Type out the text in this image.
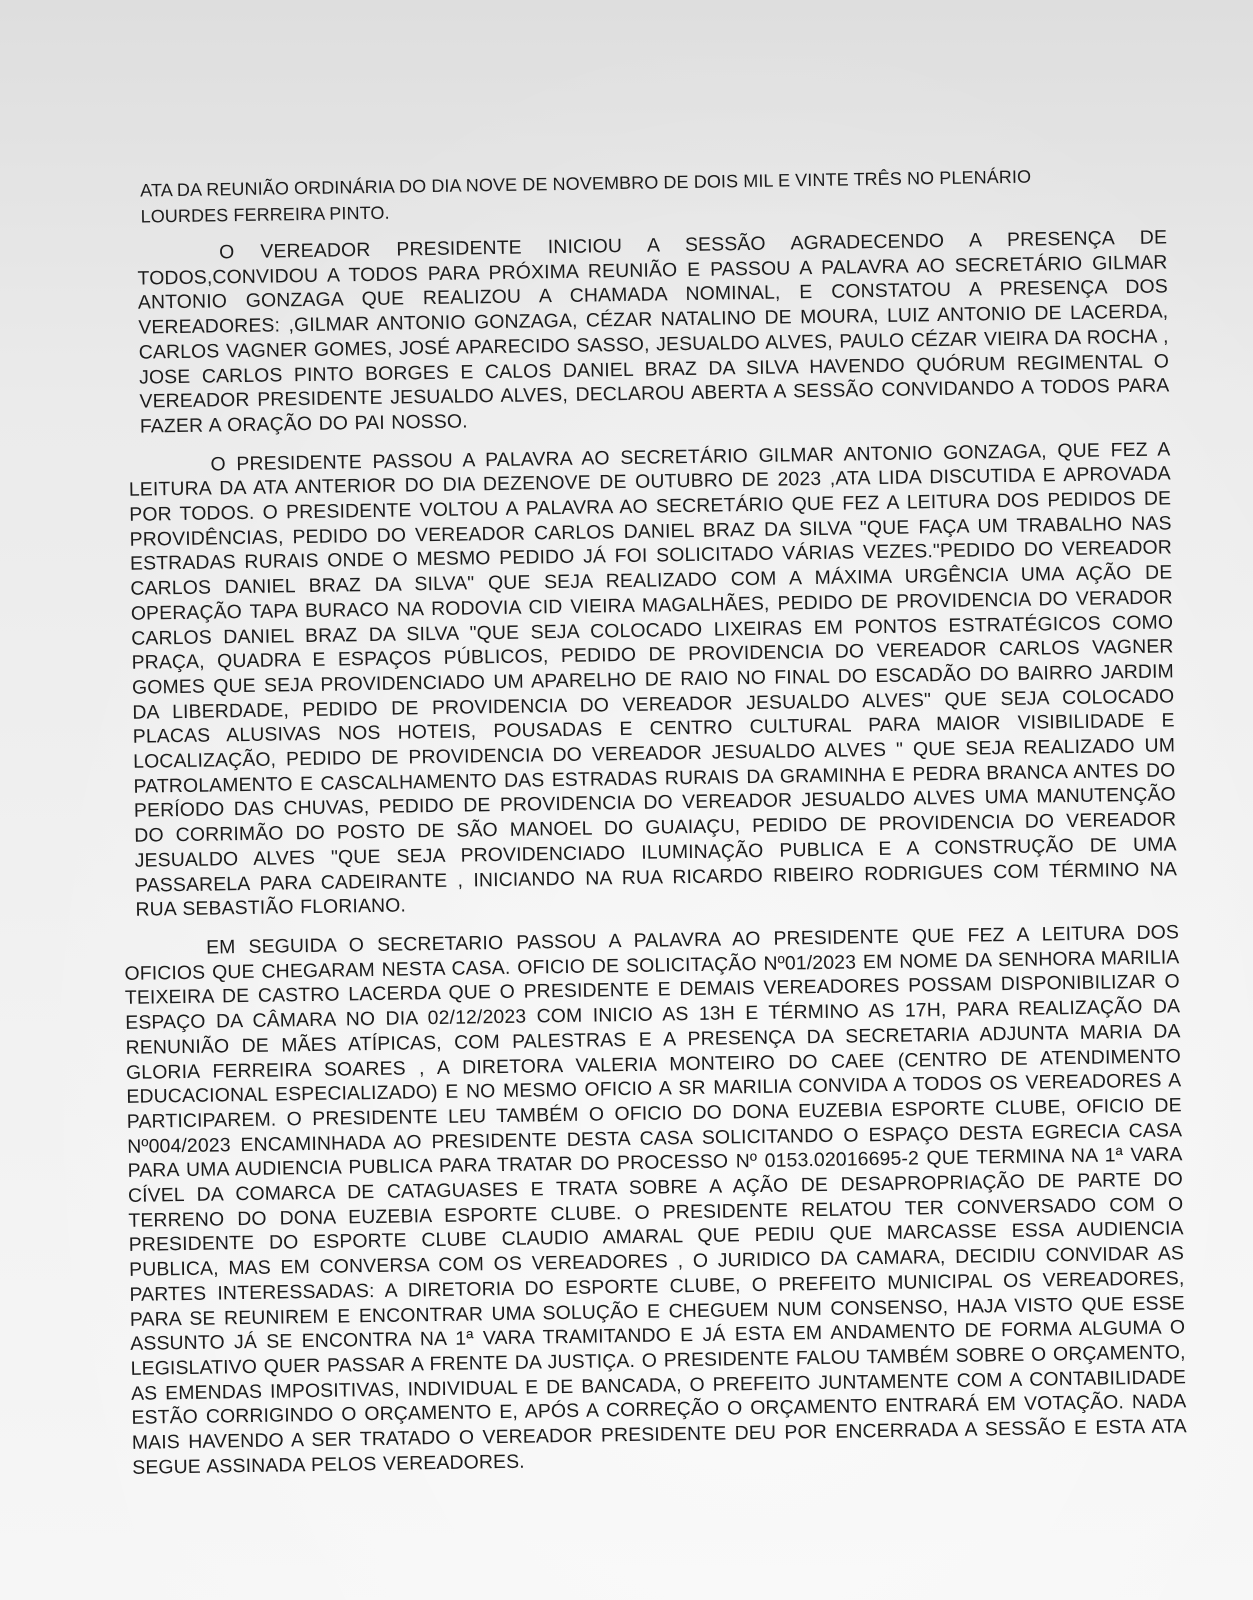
ATA DA REUNIÃO ORDINÁRIA DO DIA NOVE DE NOVEMBRO DE DOIS MIL E VINTE TRÊS NO PLENÁRIO LOURDES FERREIRA PINTO.

O VEREADOR PRESIDENTE INICIOU A SESSÃO AGRADECENDO A PRESENÇA DE TODOS,CONVIDOU A TODOS PARA PRÓXIMA REUNIÃO E PASSOU A PALAVRA AO SECRETÁRIO GILMAR ANTONIO GONZAGA QUE REALIZOU A CHAMADA NOMINAL, E CONSTATOU A PRESENÇA DOS VEREADORES: ,GILMAR ANTONIO GONZAGA, CÉZAR NATALINO DE MOURA, LUIZ ANTONIO DE LACERDA, CARLOS VAGNER GOMES, JOSÉ APARECIDO SASSO, JESUALDO ALVES, PAULO CÉZAR VIEIRA DA ROCHA , JOSE CARLOS PINTO BORGES E CALOS DANIEL BRAZ DA SILVA HAVENDO QUÓRUM REGIMENTAL O VEREADOR PRESIDENTE JESUALDO ALVES, DECLAROU ABERTA A SESSÃO CONVIDANDO A TODOS PARA FAZER A ORAÇÃO DO PAI NOSSO.

O PRESIDENTE PASSOU A PALAVRA AO SECRETÁRIO GILMAR ANTONIO GONZAGA, QUE FEZ A LEITURA DA ATA ANTERIOR DO DIA DEZENOVE DE OUTUBRO DE 2023 ,ATA LIDA DISCUTIDA E APROVADA POR TODOS. O PRESIDENTE VOLTOU A PALAVRA AO SECRETÁRIO QUE FEZ A LEITURA DOS PEDIDOS DE PROVIDÊNCIAS, PEDIDO DO VEREADOR CARLOS DANIEL BRAZ DA SILVA "QUE FAÇA UM TRABALHO NAS ESTRADAS RURAIS ONDE O MESMO PEDIDO JÁ FOI SOLICITADO VÁRIAS VEZES."PEDIDO DO VEREADOR CARLOS DANIEL BRAZ DA SILVA" QUE SEJA REALIZADO COM A MÁXIMA URGÊNCIA UMA AÇÃO DE OPERAÇÃO TAPA BURACO NA RODOVIA CID VIEIRA MAGALHÃES, PEDIDO DE PROVIDENCIA DO VERADOR CARLOS DANIEL BRAZ DA SILVA "QUE SEJA COLOCADO LIXEIRAS EM PONTOS ESTRATÉGICOS COMO PRAÇA, QUADRA E ESPAÇOS PÚBLICOS, PEDIDO DE PROVIDENCIA DO VEREADOR CARLOS VAGNER GOMES QUE SEJA PROVIDENCIADO UM APARELHO DE RAIO NO FINAL DO ESCADÃO DO BAIRRO JARDIM DA LIBERDADE, PEDIDO DE PROVIDENCIA DO VEREADOR JESUALDO ALVES" QUE SEJA COLOCADO PLACAS ALUSIVAS NOS HOTEIS, POUSADAS E CENTRO CULTURAL PARA MAIOR VISIBILIDADE E LOCALIZAÇÃO, PEDIDO DE PROVIDENCIA DO VEREADOR JESUALDO ALVES " QUE SEJA REALIZADO UM PATROLAMENTO E CASCALHAMENTO DAS ESTRADAS RURAIS DA GRAMINHA E PEDRA BRANCA ANTES DO PERÍODO DAS CHUVAS, PEDIDO DE PROVIDENCIA DO VEREADOR JESUALDO ALVES UMA MANUTENÇÃO DO CORRIMÃO DO POSTO DE SÃO MANOEL DO GUAIAÇU, PEDIDO DE PROVIDENCIA DO VEREADOR JESUALDO ALVES "QUE SEJA PROVIDENCIADO ILUMINAÇÃO PUBLICA E A CONSTRUÇÃO DE UMA PASSARELA PARA CADEIRANTE , INICIANDO NA RUA RICARDO RIBEIRO RODRIGUES COM TÉRMINO NA RUA SEBASTIÃO FLORIANO.

EM SEGUIDA O SECRETARIO PASSOU A PALAVRA AO PRESIDENTE QUE FEZ A LEITURA DOS OFICIOS QUE CHEGARAM NESTA CASA. OFICIO DE SOLICITAÇÃO Nº01/2023 EM NOME DA SENHORA MARILIA TEIXEIRA DE CASTRO LACERDA QUE O PRESIDENTE E DEMAIS VEREADORES POSSAM DISPONIBILIZAR O ESPAÇO DA CÂMARA NO DIA 02/12/2023 COM INICIO AS 13H E TÉRMINO AS 17H, PARA REALIZAÇÃO DA RENUNIÃO DE MÃES ATÍPICAS, COM PALESTRAS E A PRESENÇA DA SECRETARIA ADJUNTA MARIA DA GLORIA FERREIRA SOARES , A DIRETORA VALERIA MONTEIRO DO CAEE (CENTRO DE ATENDIMENTO EDUCACIONAL ESPECIALIZADO) E NO MESMO OFICIO A SR MARILIA CONVIDA A TODOS OS VEREADORES A PARTICIPAREM. O PRESIDENTE LEU TAMBÉM O OFICIO DO DONA EUZEBIA ESPORTE CLUBE, OFICIO DE Nº004/2023 ENCAMINHADA AO PRESIDENTE DESTA CASA SOLICITANDO O ESPAÇO DESTA EGRECIA CASA PARA UMA AUDIENCIA PUBLICA PARA TRATAR DO PROCESSO Nº 0153.02016695-2 QUE TERMINA NA 1ª VARA CÍVEL DA COMARCA DE CATAGUASES E TRATA SOBRE A AÇÃO DE DESAPROPRIAÇÃO DE PARTE DO TERRENO DO DONA EUZEBIA ESPORTE CLUBE. O PRESIDENTE RELATOU TER CONVERSADO COM O PRESIDENTE DO ESPORTE CLUBE CLAUDIO AMARAL QUE PEDIU QUE MARCASSE ESSA AUDIENCIA PUBLICA, MAS EM CONVERSA COM OS VEREADORES , O JURIDICO DA CAMARA, DECIDIU CONVIDAR AS PARTES INTERESSADAS: A DIRETORIA DO ESPORTE CLUBE, O PREFEITO MUNICIPAL OS VEREADORES, PARA SE REUNIREM E ENCONTRAR UMA SOLUÇÃO E CHEGUEM NUM CONSENSO, HAJA VISTO QUE ESSE ASSUNTO JÁ SE ENCONTRA NA 1ª VARA TRAMITANDO E JÁ ESTA EM ANDAMENTO DE FORMA ALGUMA O LEGISLATIVO QUER PASSAR A FRENTE DA JUSTIÇA. O PRESIDENTE FALOU TAMBÉM SOBRE O ORÇAMENTO, AS EMENDAS IMPOSITIVAS, INDIVIDUAL E DE BANCADA, O PREFEITO JUNTAMENTE COM A CONTABILIDADE ESTÃO CORRIGINDO O ORÇAMENTO E, APÓS A CORREÇÃO O ORÇAMENTO ENTRARÁ EM VOTAÇÃO. NADA MAIS HAVENDO A SER TRATADO O VEREADOR PRESIDENTE DEU POR ENCERRADA A SESSÃO E ESTA ATA SEGUE ASSINADA PELOS VEREADORES.
